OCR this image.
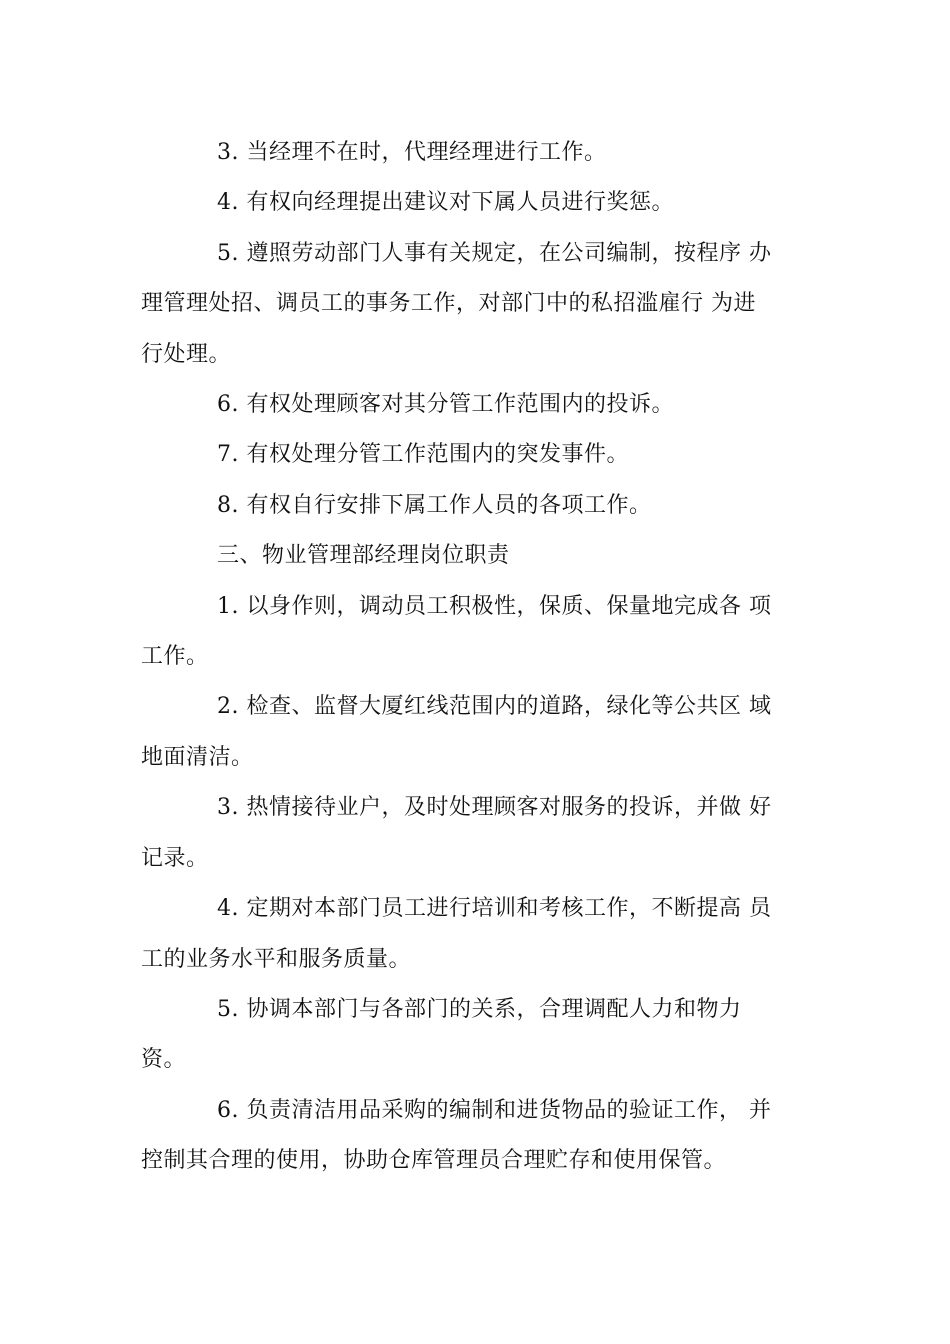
3. 当经理不在时，代理经理进行工作。
4. 有权向经理提出建议对下属人员进行奖惩。
5. 遵照劳动部门人事有关规定，在公司编制，按程序 办
理管理处招、调员工的事务工作，对部门中的私招滥雇行 为进
行处理。
6. 有权处理顾客对其分管工作范围内的投诉。
7. 有权处理分管工作范围内的突发事件。
8. 有权自行安排下属工作人员的各项工作。
三、物业管理部经理岗位职责
1. 以身作则，调动员工积极性，保质、保量地完成各 项
工作。
2. 检查、监督大厦红线范围内的道路，绿化等公共区 域
地面清洁。
3. 热情接待业户，及时处理顾客对服务的投诉，并做 好
记录。
4. 定期对本部门员工进行培训和考核工作，不断提高 员
工的业务水平和服务质量。
5. 协调本部门与各部门的关系，合理调配人力和物力
资。
6. 负责清洁用品采购的编制和进货物品的验证工作， 并
控制其合理的使用，协助仓库管理员合理贮存和使用保管。
